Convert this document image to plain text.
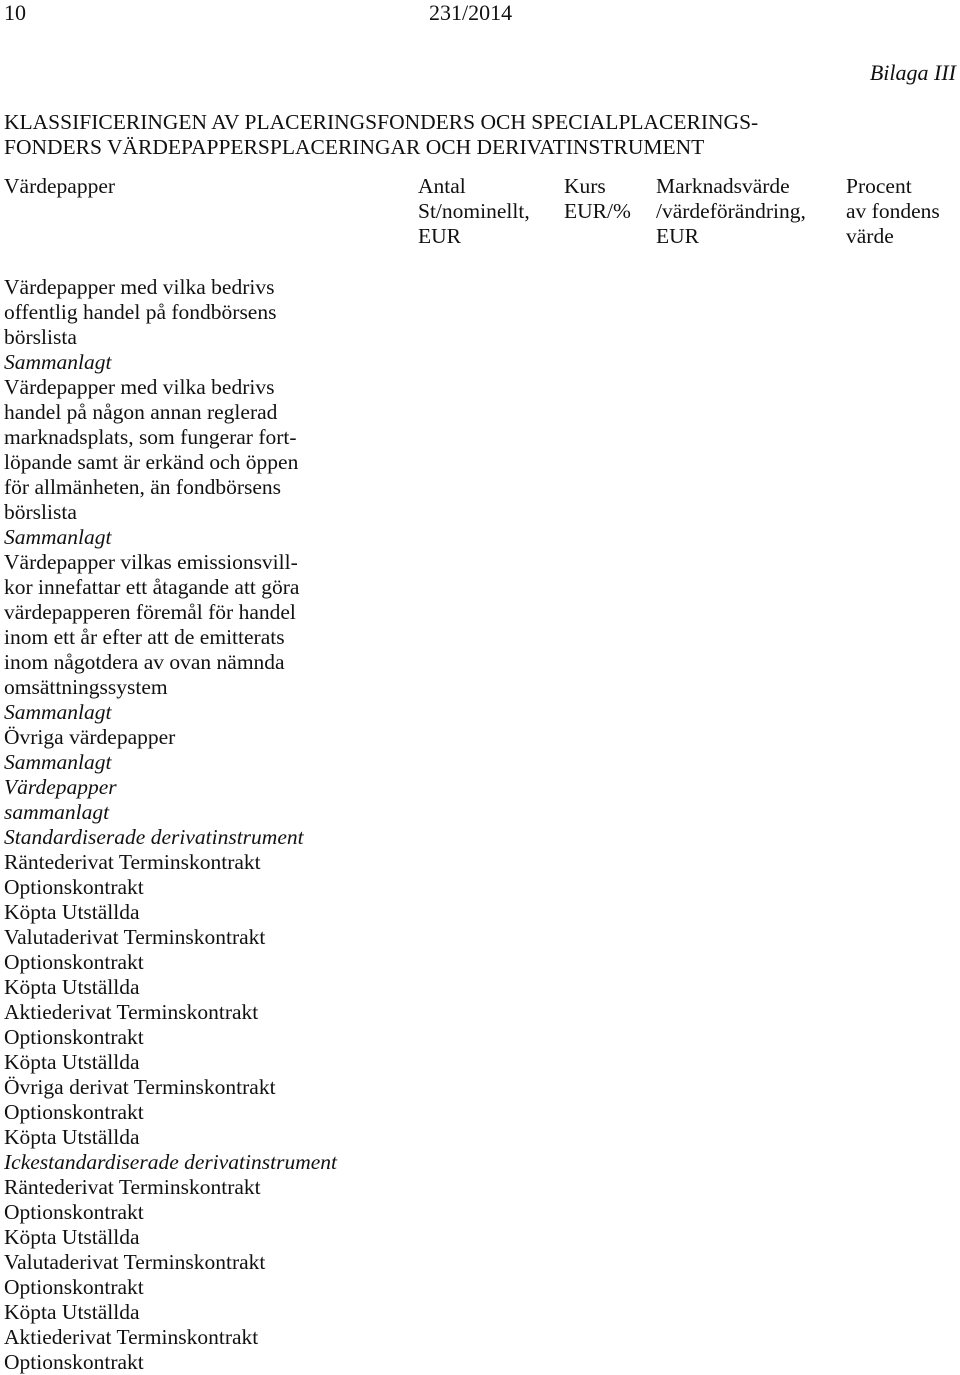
10	231/2014
Bilaga III
KLASSIFICERINGEN AV PLACERINGSFONDERS OCH SPECIALPLACERINGS-
FONDERS VÄRDEPAPPERSPLACERINGAR OCH DERIVATINSTRUMENT
Värdepapper	Antal
St/nominellt,
EUR
Kurs
EUR/%
Marknadsvärde
/värdeförändring,
EUR
Procent
av fondens
värde
Värdepapper med vilka bedrivs
offentlig handel på fondbörsens
börslista
Sammanlagt
Värdepapper med vilka bedrivs
handel på någon annan reglerad
marknadsplats, som fungerar fort-
löpande samt är erkänd och öppen
för allmänheten, än fondbörsens
börslista
Sammanlagt
Värdepapper vilkas emissionsvill-
kor innefattar ett åtagande att göra
värdepapperen föremål för handel
inom ett år efter att de emitterats
inom någotdera av ovan nämnda
omsättningssystem
Sammanlagt
Övriga värdepapper
Sammanlagt
Värdepapper
sammanlagt
Standardiserade derivatinstrument
Räntederivat Terminskontrakt
Optionskontrakt
Köpta Utställda
Valutaderivat Terminskontrakt
Optionskontrakt
Köpta Utställda
Aktiederivat Terminskontrakt
Optionskontrakt
Köpta Utställda
Övriga derivat Terminskontrakt
Optionskontrakt
Köpta Utställda
Ickestandardiserade derivatinstrument
Räntederivat Terminskontrakt
Optionskontrakt
Köpta Utställda
Valutaderivat Terminskontrakt
Optionskontrakt
Köpta Utställda
Aktiederivat Terminskontrakt
Optionskontrakt
